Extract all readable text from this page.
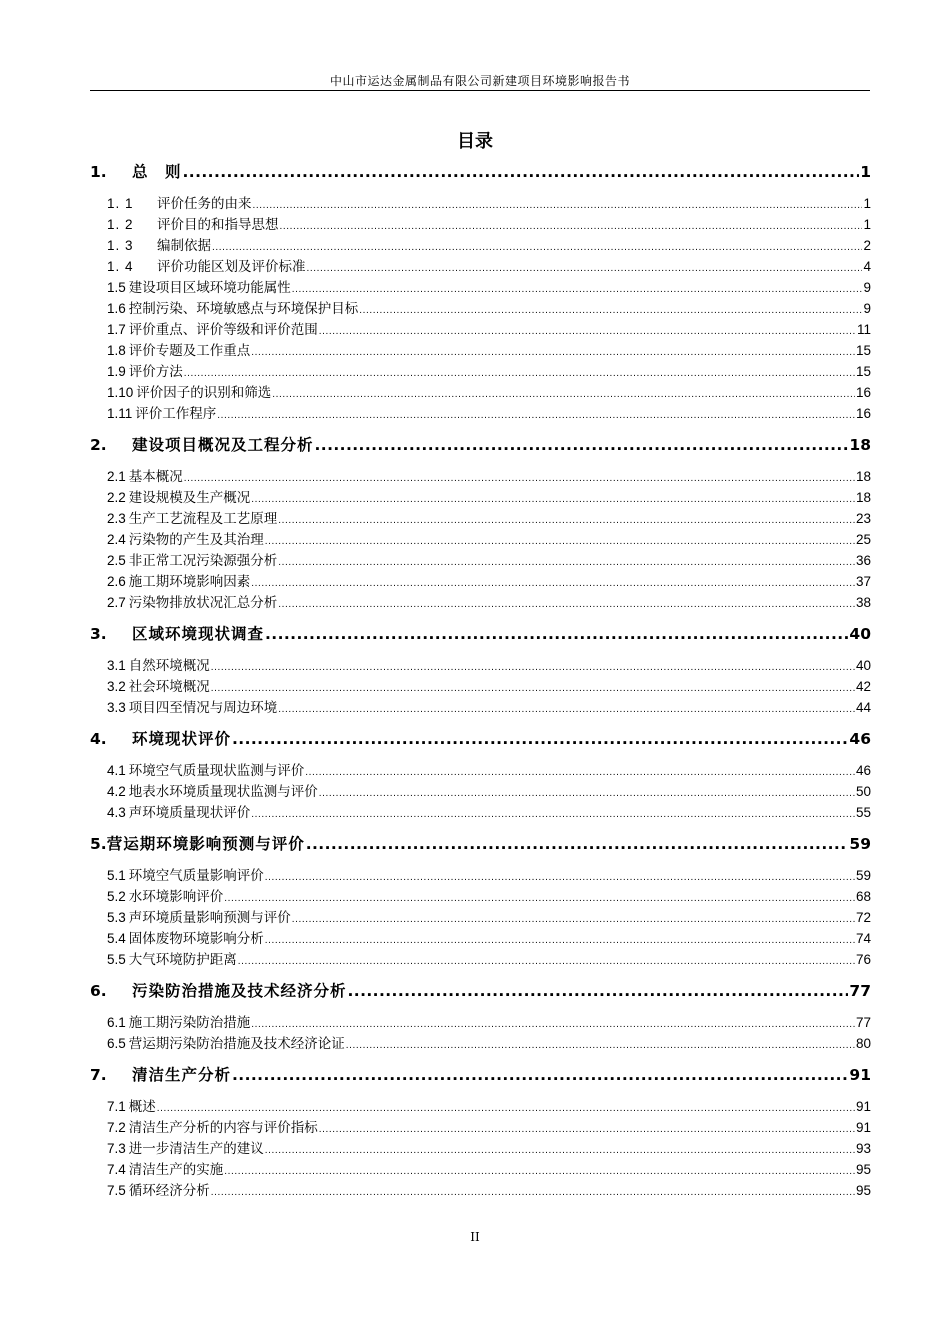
中山市运达金属制品有限公司新建项目环境影响报告书
目录
1.	总　则 .....	1
1. 1	评价任务的由来 .....	1
1. 2	评价目的和指导思想 .....	1
1. 3	编制依据 .....	2
1. 4	评价功能区划及评价标准 .....	4
1.5 建设项目区域环境功能属性 .....	9
1.6 控制污染、环境敏感点与环境保护目标 .....	9
1.7 评价重点、评价等级和评价范围 .....	11
1.8 评价专题及工作重点 .....	15
1.9 评价方法 .....	15
1.10 评价因子的识别和筛选 .....	16
1.11 评价工作程序 .....	16
2.	建设项目概况及工程分析 .....	18
2.1 基本概况 .....	18
2.2 建设规模及生产概况 .....	18
2.3 生产工艺流程及工艺原理 .....	23
2.4 污染物的产生及其治理 .....	25
2.5 非正常工况污染源强分析 .....	36
2.6 施工期环境影响因素 .....	37
2.7 污染物排放状况汇总分析 .....	38
3.	区域环境现状调查 .....	40
3.1 自然环境概况 .....	40
3.2 社会环境概况 .....	42
3.3 项目四至情况与周边环境 .....	44
4.	环境现状评价 .....	46
4.1 环境空气质量现状监测与评价 .....	46
4.2 地表水环境质量现状监测与评价 .....	50
4.3 声环境质量现状评价 .....	55
5. 营运期环境影响预测与评价 .....	59
5.1 环境空气质量影响评价 .....	59
5.2 水环境影响评价 .....	68
5.3 声环境质量影响预测与评价 .....	72
5.4 固体废物环境影响分析 .....	74
5.5 大气环境防护距离 .....	76
6.	污染防治措施及技术经济分析 .....	77
6.1 施工期污染防治措施 .....	77
6.5 营运期污染防治措施及技术经济论证 .....	80
7.	清洁生产分析 .....	91
7.1 概述 .....	91
7.2 清洁生产分析的内容与评价指标 .....	91
7.3 进一步清洁生产的建议 .....	93
7.4 清洁生产的实施 .....	95
7.5 循环经济分析 .....	95
II
